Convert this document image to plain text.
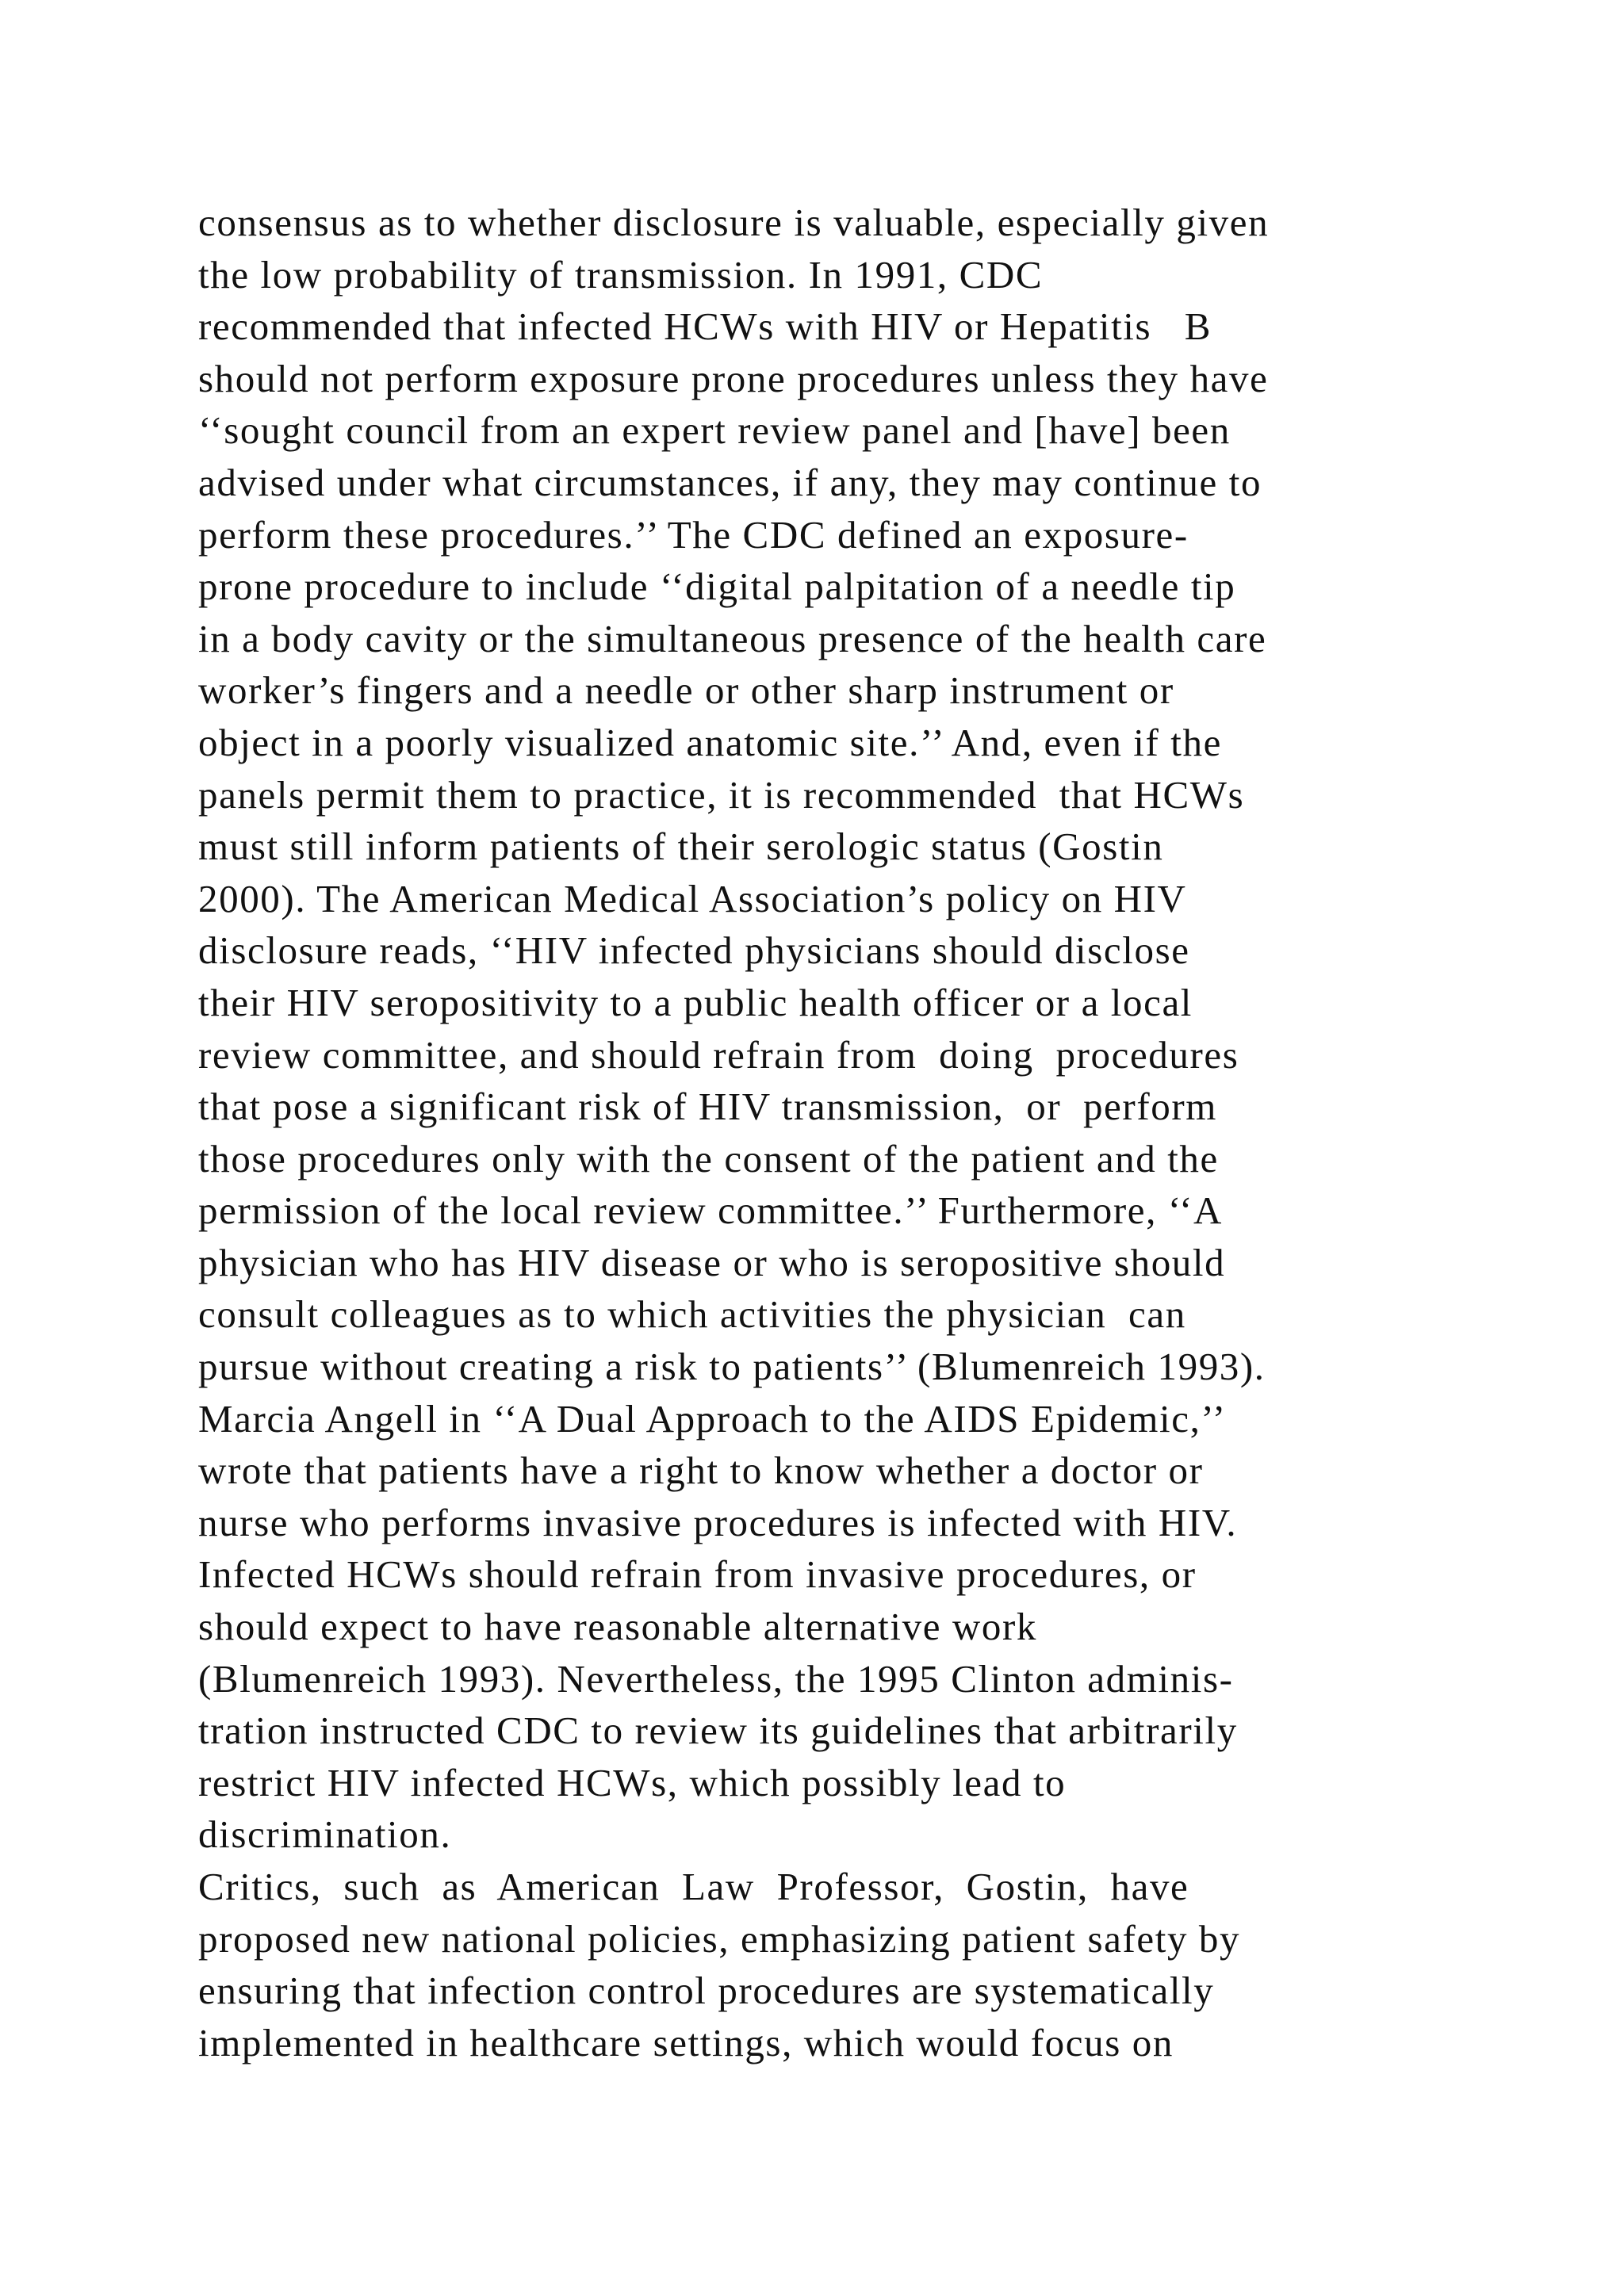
consensus as to whether disclosure is valuable, especially given
the low probability of transmission. In 1991, CDC
recommended that infected HCWs with HIV or Hepatitis   B
should not perform exposure prone procedures unless they have
‘‘sought council from an expert review panel and [have] been
advised under what circumstances, if any, they may continue to
perform these procedures.’’ The CDC defined an exposure-
prone procedure to include ‘‘digital palpitation of a needle tip
in a body cavity or the simultaneous presence of the health care
worker’s fingers and a needle or other sharp instrument or
object in a poorly visualized anatomic site.’’ And, even if the
panels permit them to practice, it is recommended  that HCWs
must still inform patients of their serologic status (Gostin
2000). The American Medical Association’s policy on HIV
disclosure reads, ‘‘HIV infected physicians should disclose
their HIV seropositivity to a public health officer or a local
review committee, and should refrain from  doing  procedures
that pose a significant risk of HIV transmission,  or  perform
those procedures only with the consent of the patient and the
permission of the local review committee.’’ Furthermore, ‘‘A
physician who has HIV disease or who is seropositive should
consult colleagues as to which activities the physician  can
pursue without creating a risk to patients’’ (Blumenreich 1993).
Marcia Angell in ‘‘A Dual Approach to the AIDS Epidemic,’’
wrote that patients have a right to know whether a doctor or
nurse who performs invasive procedures is infected with HIV.
Infected HCWs should refrain from invasive procedures, or
should expect to have reasonable alternative work
(Blumenreich 1993). Nevertheless, the 1995 Clinton adminis-
tration instructed CDC to review its guidelines that arbitrarily
restrict HIV infected HCWs, which possibly lead to
discrimination.
Critics,  such  as  American  Law  Professor,  Gostin,  have
proposed new national policies, emphasizing patient safety by
ensuring that infection control procedures are systematically
implemented in healthcare settings, which would focus on
